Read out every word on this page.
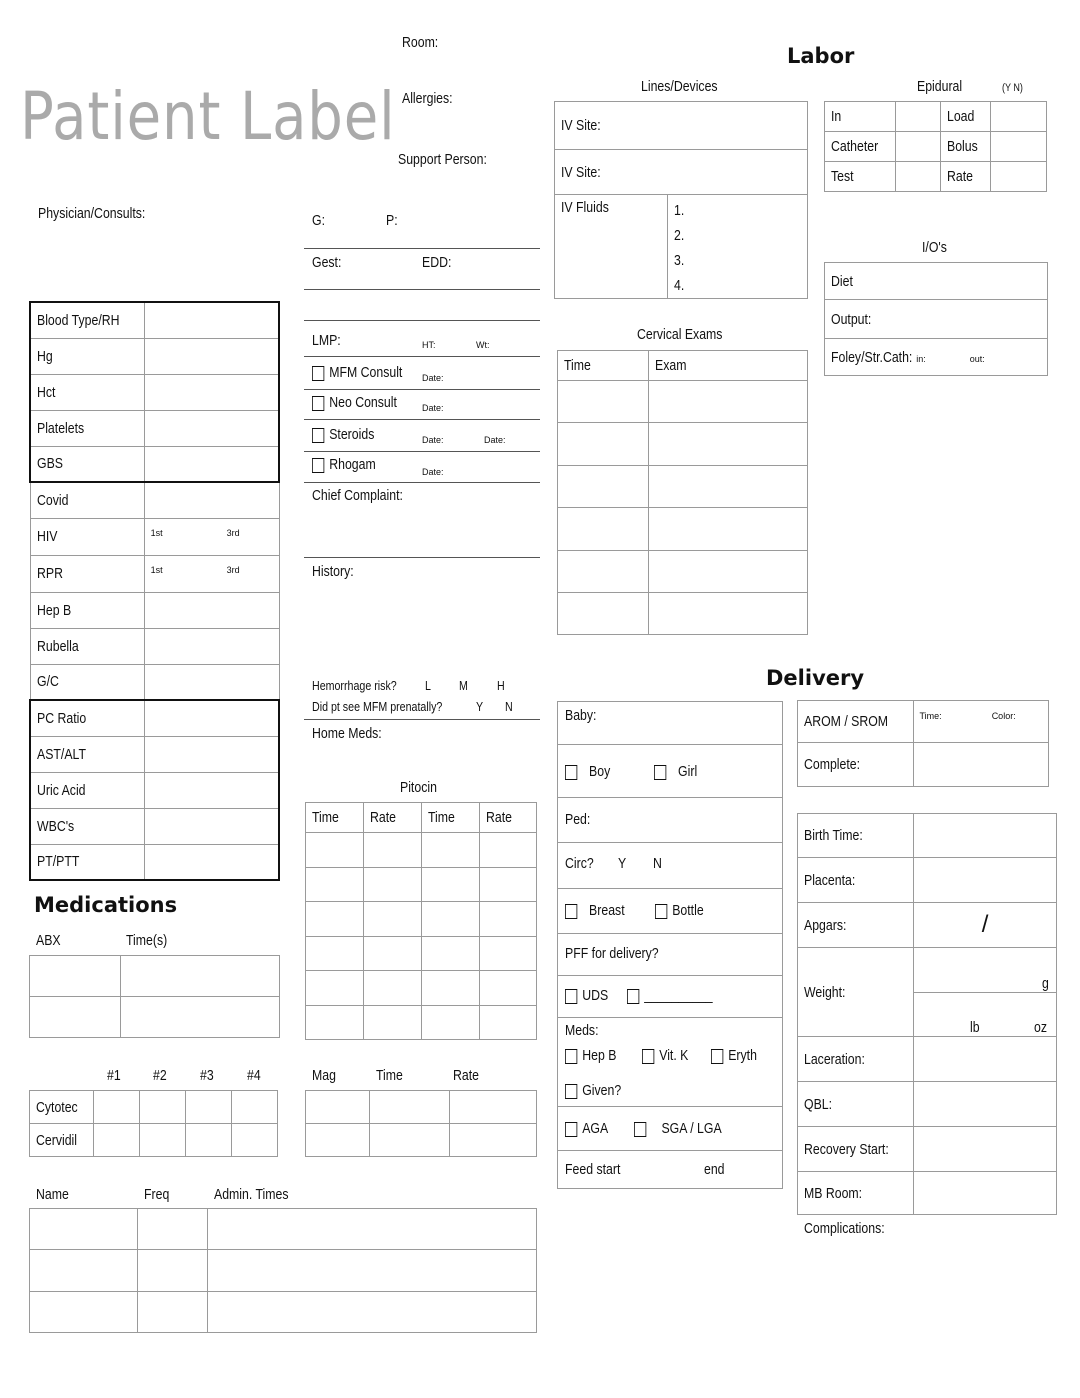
Patient Label
Room:
Allergies:
Support Person:
Physician/Consults:	G:	P:
Gest:	EDD:
LMP:	HT:	Wt:
MFM Consult Date:
Neo Consult	Date:
Steroids	Date:	Date:
Rhogam	Date:
Chief Complaint:
History:
Hemorrhage risk? L M H
Did pt see MFM prenatally?	Y N
Home Meds:
Blood Type/RH	
Hg	
Hct	
Platelets	
GBS	
Covid	
HIV	1st 3rd
RPR	1st 3rd
Hep B	
Rubella	
G/C	
PC Ratio	
AST/ALT	
Uric Acid	
WBC's	
PT/PTT	
Medications
ABX	Time(s)

#1 #2 #3 #4
Cytotec				
Cervidil				
Name	Freq	Admin. Times

Pitocin
Time	Rate	Time	Rate

Mag	Time	Rate

Labor
Lines/Devices
IV Site:
IV Site:
IV Fluids	1.
2.
3.
4.
Cervical Exams
Time	Exam

Epidural	(Y N)
In		Load	
Catheter		Bolus	
Test		Rate	
I/O's
Diet
Output:
Foley/Str.Cath: in:	out:
Delivery
Baby:
Boy	Girl
Ped:
Circ? Y N
Breast	Bottle
PFF for delivery?
UDS	__________
Meds:
Hep B	Vit. K	Eryth
Given?
AGA	SGA / LGA
Feed start	end
AROM / SROM	Time: Color:
Complete:	
Birth Time:	
Placenta:	
Apgars:	/
Weight:	g
	lb oz
Laceration:	
QBL:	
Recovery Start:	
MB Room:	
Complications:
